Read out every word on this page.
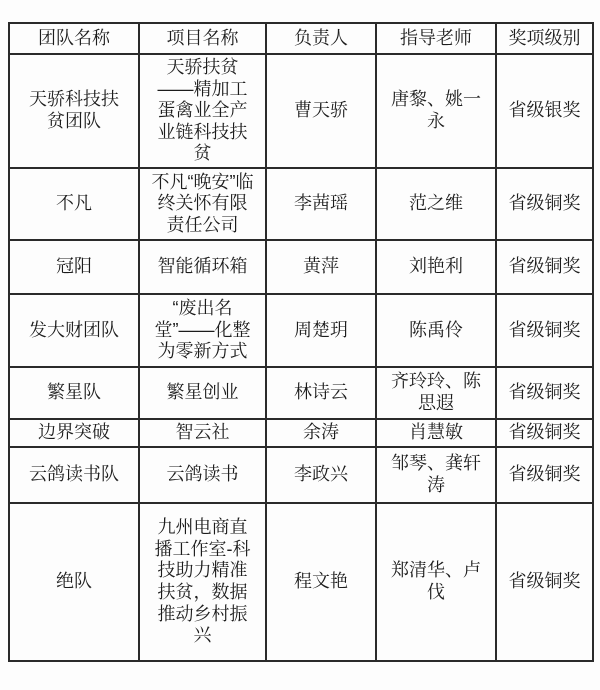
团队名称	项目名称	负责人	指导老师	奖项级别
天骄科技扶贫团队	天骄扶贫——精加工蛋禽业全产业链科技扶贫	曹天骄	唐黎、姚一永	省级银奖
不凡	不凡“晚安”临终关怀有限责任公司	李茜瑶	范之维	省级铜奖
冠阳	智能循环箱	黄萍	刘艳利	省级铜奖
发大财团队	“废出名堂”——化整为零新方式	周楚玥	陈禹伶	省级铜奖
繁星队	繁星创业	林诗云	齐玲玲、陈思遐	省级铜奖
边界突破	智云社	余涛	肖慧敏	省级铜奖
云鸽读书队	云鸽读书	李政兴	邹琴、龚轩涛	省级铜奖
绝队	九州电商直播工作室-科技助力精准扶贫，数据推动乡村振兴	程文艳	郑清华、卢伐	省级铜奖
